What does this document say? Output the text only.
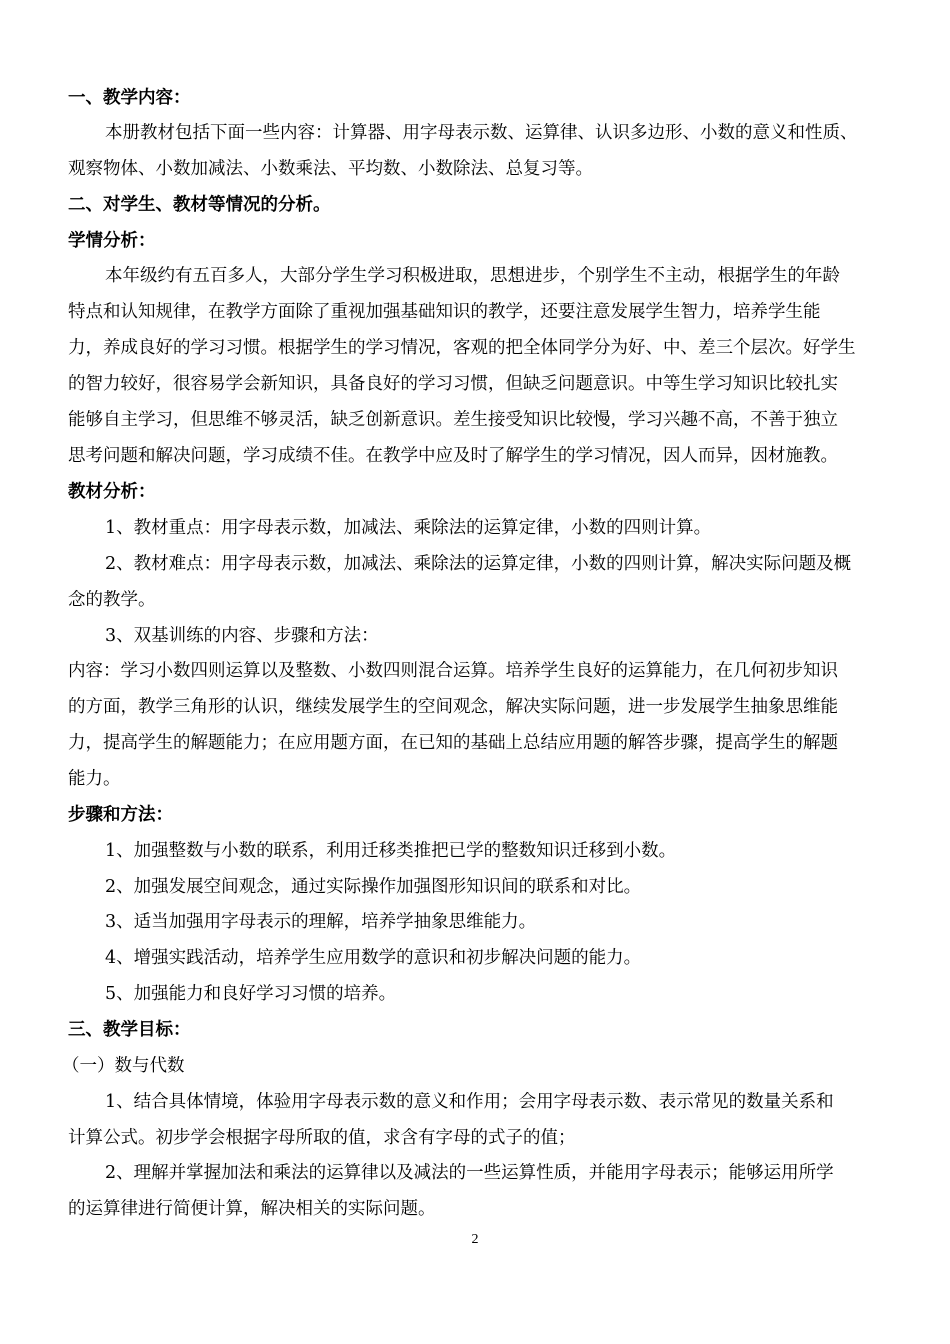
一、教学内容：
本册教材包括下面一些内容：计算器、用字母表示数、运算律、认识多边形、小数的意义和性质、
观察物体、小数加减法、小数乘法、平均数、小数除法、总复习等。
二、对学生、教材等情况的分析。
学情分析：
本年级约有五百多人，大部分学生学习积极进取，思想进步，个别学生不主动，根据学生的年龄
特点和认知规律，在教学方面除了重视加强基础知识的教学，还要注意发展学生智力，培养学生能
力，养成良好的学习习惯。根据学生的学习情况，客观的把全体同学分为好、中、差三个层次。好学生
的智力较好，很容易学会新知识，具备良好的学习习惯，但缺乏问题意识。中等生学习知识比较扎实
能够自主学习，但思维不够灵活，缺乏创新意识。差生接受知识比较慢，学习兴趣不高，不善于独立
思考问题和解决问题，学习成绩不佳。在教学中应及时了解学生的学习情况，因人而异，因材施教。
教材分析：
1、教材重点：用字母表示数，加减法、乘除法的运算定律，小数的四则计算。
2、教材难点：用字母表示数，加减法、乘除法的运算定律，小数的四则计算，解决实际问题及概
念的教学。
3、双基训练的内容、步骤和方法：
内容：学习小数四则运算以及整数、小数四则混合运算。培养学生良好的运算能力，在几何初步知识
的方面，教学三角形的认识，继续发展学生的空间观念，解决实际问题，进一步发展学生抽象思维能
力，提高学生的解题能力；在应用题方面，在已知的基础上总结应用题的解答步骤，提高学生的解题
能力。
步骤和方法：
1、加强整数与小数的联系，利用迁移类推把已学的整数知识迁移到小数。
2、加强发展空间观念，通过实际操作加强图形知识间的联系和对比。
3、适当加强用字母表示的理解，培养学抽象思维能力。
4、增强实践活动，培养学生应用数学的意识和初步解决问题的能力。
5、加强能力和良好学习习惯的培养。
三、教学目标：
（一）数与代数
1、结合具体情境，体验用字母表示数的意义和作用；会用字母表示数、表示常见的数量关系和
计算公式。初步学会根据字母所取的值，求含有字母的式子的值；
2、理解并掌握加法和乘法的运算律以及减法的一些运算性质，并能用字母表示；能够运用所学
的运算律进行简便计算，解决相关的实际问题。
2
